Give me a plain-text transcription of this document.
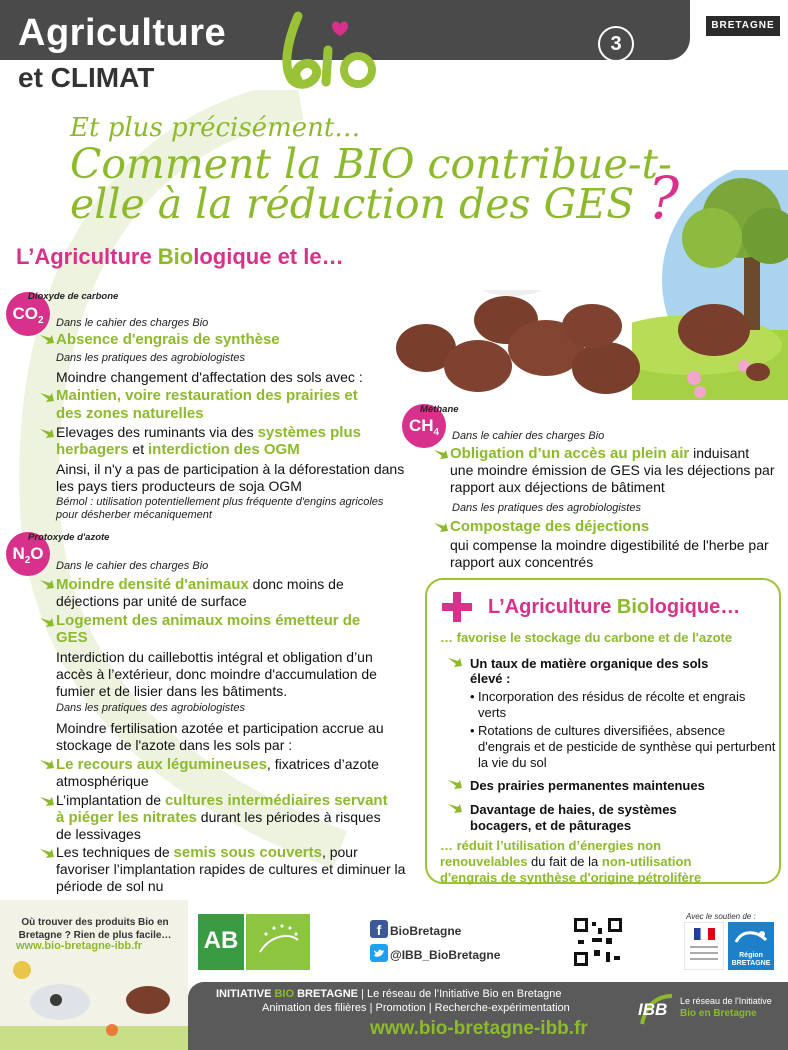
Agriculture
et CLIMAT
3
BRETAGNE
Et plus précisément…
Comment la BIO contribue-t-
elle à la réduction des GES ?
L’Agriculture Biologique et le…
$CO_2$
Dioxyde de carbone
Dans le cahier des charges Bio
Absence d'engrais de synthèse
Dans les pratiques des agrobiologistes
Moindre changement d'affectation des sols avec :
Maintien, voire restauration des prairies et
des zones naturelles
Elevages des ruminants via des systèmes plus
herbagers et interdiction des OGM
Ainsi, il n'y a pas de participation à la déforestation dans
les pays tiers producteurs de soja OGM
Bémol : utilisation potentiellement plus fréquente d'engins agricoles
pour désherber mécaniquement
$N_2O$
Protoxyde d'azote
Dans le cahier des charges Bio
Moindre densité d'animaux donc moins de
déjections par unité de surface
Logement des animaux moins émetteur de
GES
Interdiction du caillebottis intégral et obligation d’un
accès à l’extérieur, donc moindre d'accumulation de
fumier et de lisier dans les bâtiments.
Dans les pratiques des agrobiologistes
Moindre fertilisation azotée et participation accrue au
stockage de l'azote dans les sols par :
Le recours aux légumineuses, fixatrices d’azote
atmosphérique
L’implantation de cultures intermédiaires servant
à piéger les nitrates durant les périodes à risques
de lessivages
Les techniques de semis sous couverts, pour
favoriser l’implantation rapides de cultures et diminuer la
période de sol nu
$CH_4$
Méthane
Dans le cahier des charges Bio
Obligation d’un accès au plein air induisant
une moindre émission de GES via les déjections par
rapport aux déjections de bâtiment
Dans les pratiques des agrobiologistes
Compostage des déjections
qui compense la moindre digestibilité de l'herbe par
rapport aux concentrés
L’Agriculture Biologique…
… favorise le stockage du carbone et de l'azote
Un taux de matière organique des sols
élevé :
• Incorporation des résidus de récolte et engrais
verts
• Rotations de cultures diversifiées, absence
d'engrais et de pesticide de synthèse qui perturbent
la vie du sol
Des prairies permanentes maintenues
Davantage de haies, de systèmes
bocagers, et de pâturages
… réduit l’utilisation d’énergies non
renouvelables du fait de la non-utilisation
d'engrais de synthèse d'origine pétrolifère
Où trouver des produits Bio en Bretagne ? Rien de plus facile…
www.bio-bretagne-ibb.fr	AB	f BioBretagne
@IBB_BioBretagne
Avec le soutien de :
Région BRETAGNE
INITIATIVE BIO BRETAGNE | Le réseau de l’Initiative Bio en Bretagne
Animation des filières | Promotion | Recherche-expérimentation
www.bio-bretagne-ibb.fr
IBB Le réseau de l'Initiative
Bio en Bretagne
